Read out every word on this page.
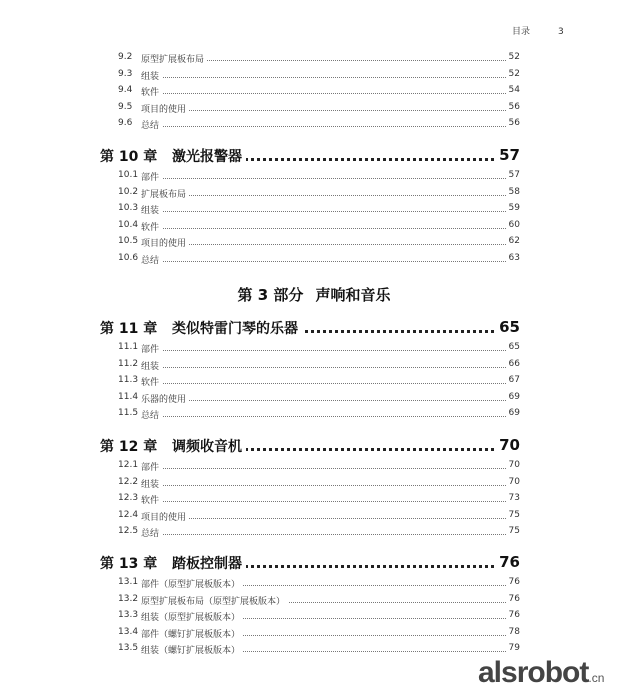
目录	3
9.2 原型扩展板布局	52
9.3 组装	52
9.4 软件	54
9.5 项目的使用	56
9.6 总结	56
第 10 章 激光报警器	57
10.1 部件	57
10.2 扩展板布局	58
10.3 组装	59
10.4 软件	60
10.5 项目的使用	62
10.6 总结	63
第 11 章 类似特雷门琴的乐器	65
11.1 部件	65
11.2 组装	66
11.3 软件	67
11.4 乐器的使用	69
11.5 总结	69
第 12 章 调频收音机	70
12.1 部件	70
12.2 组装	70
12.3 软件	73
12.4 项目的使用	75
12.5 总结	75
第 13 章 踏板控制器	76
13.1 部件（原型扩展板版本）	76
13.2 原型扩展板布局（原型扩展板版本）	76
13.3 组装（原型扩展板版本）	76
13.4 部件（螺钉扩展板版本）	78
13.5 组装（螺钉扩展板版本）	79
第 3 部分 声响和音乐
alsrobot.cn
